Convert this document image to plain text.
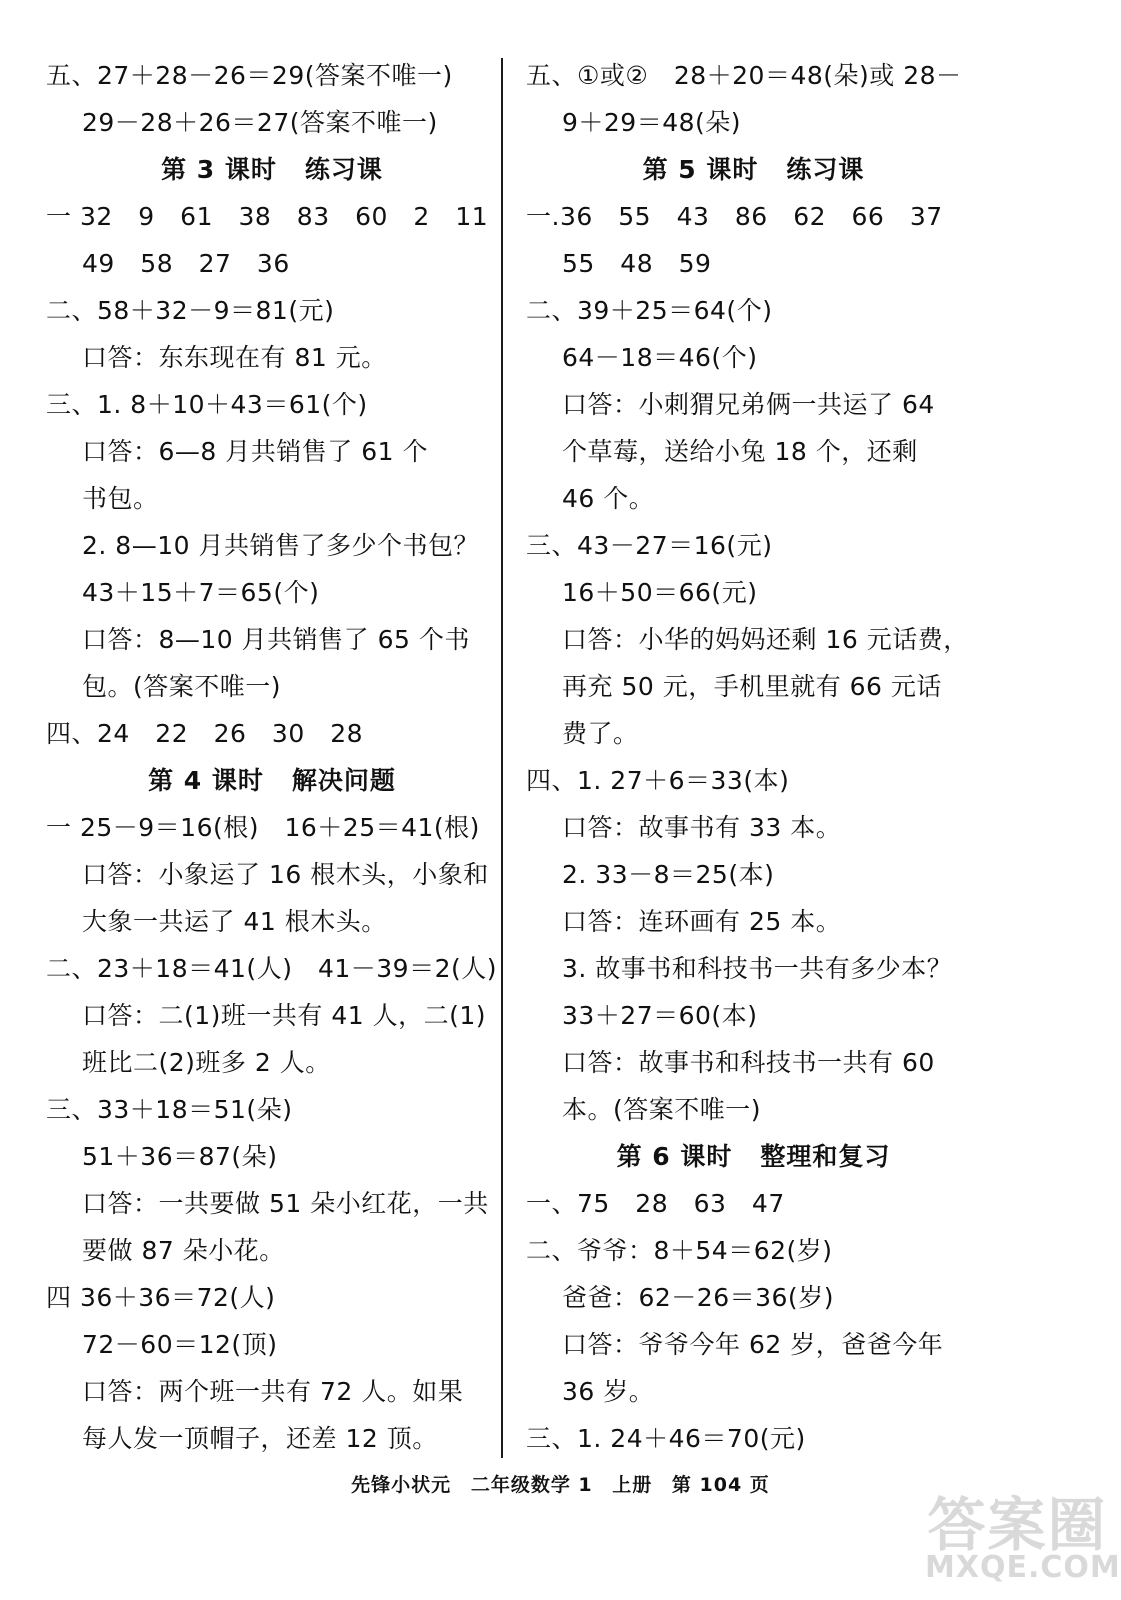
五、27＋28－26＝29(答案不唯一)
29－28＋26＝27(答案不唯一)
第 3 课时 练习课
一 32　9　61　38　83　60　2　11
49　58　27　36
二、58＋32－9＝81(元)
口答：东东现在有 81 元。
三、1. 8＋10＋43＝61(个)
口答：6—8 月共销售了 61 个
书包。
2. 8—10 月共销售了多少个书包？
43＋15＋7＝65(个)
口答：8—10 月共销售了 65 个书
包。(答案不唯一)
四、24　22　26　30　28
第 4 课时 解决问题
一 25－9＝16(根)　16＋25＝41(根)
口答：小象运了 16 根木头，小象和
大象一共运了 41 根木头。
二、23＋18＝41(人)　41－39＝2(人)
口答：二(1)班一共有 41 人，二(1)
班比二(2)班多 2 人。
三、33＋18＝51(朵)
51＋36＝87(朵)
口答：一共要做 51 朵小红花，一共
要做 87 朵小花。
四 36＋36＝72(人)
72－60＝12(顶)
口答：两个班一共有 72 人。如果
每人发一顶帽子，还差 12 顶。
五、①或②　28＋20＝48(朵)或 28－
9＋29＝48(朵)
第 5 课时 练习课
一.36　55　43　86　62　66　37
55　48　59
二、39＋25＝64(个)
64－18＝46(个)
口答：小刺猬兄弟俩一共运了 64
个草莓，送给小兔 18 个，还剩
46 个。
三、43－27＝16(元)
16＋50＝66(元)
口答：小华的妈妈还剩 16 元话费，
再充 50 元，手机里就有 66 元话
费了。
四、1. 27＋6＝33(本)
口答：故事书有 33 本。
2. 33－8＝25(本)
口答：连环画有 25 本。
3. 故事书和科技书一共有多少本？
33＋27＝60(本)
口答：故事书和科技书一共有 60
本。(答案不唯一)
第 6 课时 整理和复习
一、75　28　63　47
二、爷爷：8＋54＝62(岁)
爸爸：62－26＝36(岁)
口答：爷爷今年 62 岁，爸爸今年
36 岁。
三、1. 24＋46＝70(元)
先锋小状元 二年级数学 1 上册 第 104 页
答案圈
MXQE.COM
